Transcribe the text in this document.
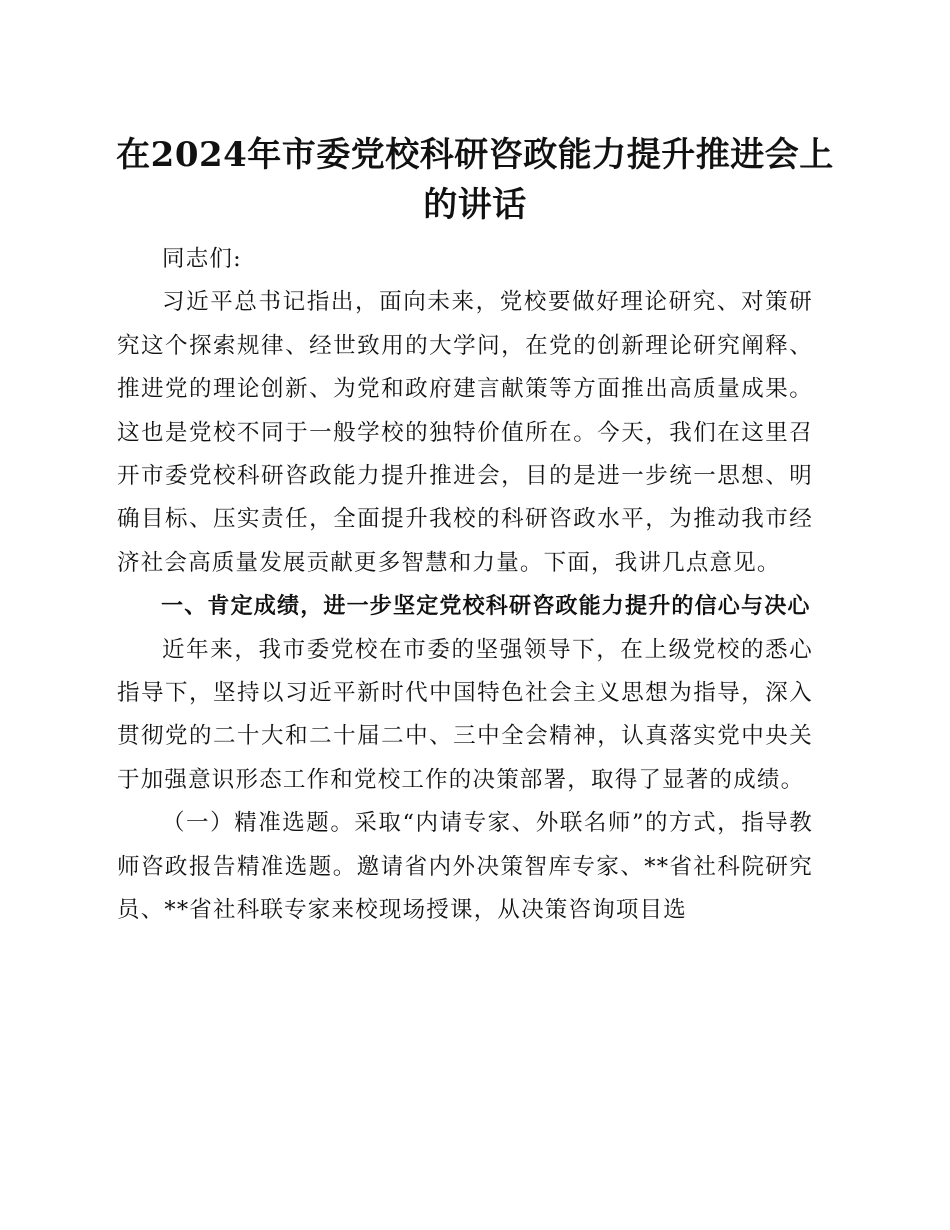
在2024年市委党校科研咨政能力提升推进会上的讲话

同志们:

习近平总书记指出，面向未来，党校要做好理论研究、对策研究这个探索规律、经世致用的大学问，在党的创新理论研究阐释、推进党的理论创新、为党和政府建言献策等方面推出高质量成果。这也是党校不同于一般学校的独特价值所在。今天，我们在这里召开市委党校科研咨政能力提升推进会，目的是进一步统一思想、明确目标、压实责任，全面提升我校的科研咨政水平，为推动我市经济社会高质量发展贡献更多智慧和力量。下面，我讲几点意见。

一、肯定成绩，进一步坚定党校科研咨政能力提升的信心与决心

近年来，我市委党校在市委的坚强领导下，在上级党校的悉心指导下，坚持以习近平新时代中国特色社会主义思想为指导，深入贯彻党的二十大和二十届二中、三中全会精神，认真落实党中央关于加强意识形态工作和党校工作的决策部署，取得了显著的成绩。

（一）精准选题。采取“内请专家、外联名师”的方式，指导教师咨政报告精准选题。邀请省内外决策智库专家、**省社科院研究员、**省社科联专家来校现场授课，从决策咨询项目选
